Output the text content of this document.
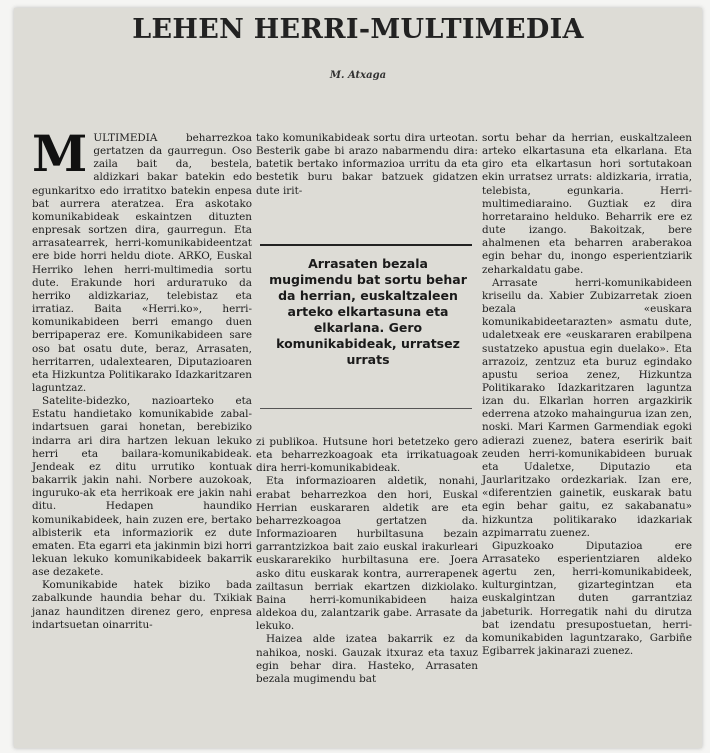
LEHEN HERRI-MULTIMEDIA
M. Atxaga

MULTIMEDIA beharrezkoa gertatzen da gaurregun. Oso zaila bait da, bestela, aldizkari bakar batekin edo egunkaritxo edo irratitxo batekin enpesa bat aurrera ateratzea. Era askotako komunikabideak eskaintzen dituzten enpresak sortzen dira, gaurregun. Eta arrasatearrek, herri-komunikabideentzat ere bide horri heldu diote. ARKO, Euskal Herriko lehen herri-multimedia sortu dute. Erakunde hori ardurатuko da herriko aldizkariaz, telebistaz eta irratiaz. Baita «Herri.ko», herri-komunikabideen berri emango duen berripaperaz ere. Komunikabideen sare oso bat osatu dute, beraz, Arrasaten, herritarren, udalextearen, Diputazioaren eta Hizkuntza Politikarako Idazkaritzaren laguntzaz.

Satelite-bidezko, nazioarteko eta Estatu handietako komunikabide zabal-indartsuen garai honetan, berebiziko indarra ari dira hartzen lekuan lekuko herri eta bailara-komunikabideak. Jendeak ez ditu urrutiko kontuak bakarrik jakin nahi. Norbere auzokoak, inguruko-ak eta herrikoak ere jakin nahi ditu. Hedapen haundiko komunikabideek, hain zuzen ere, bertako albisterik eta informaziorik ez dute ematen. Eta egarri eta jakinmin bizi horri lekuan lekuko komunikabideek bakarrik ase dezakete.

Komunikabide hatek biziko bada zabalkunde haundia behar du. Txikiak janaz haunditzen direnez gero, enpresa indartsuetan oinarritu-

tako komunikabideak sortu dira urteotan. Besterik gabe bi arazo nabarmendu dira: batetik bertako informazioa urritu da eta bestetik buru bakar batzuek gidatzen dute irit-

Arrasaten bezala mugimendu bat sortu behar da herrian, euskaltzaleen arteko elkartasuna eta elkarlana. Gero komunikabideak, urratsez urrats

zi publikoa. Hutsune hori betetzeko gero eta beharrezkoagoak eta irrikatuagoak dira herri-komunikabideak.

Eta informazioaren aldetik, nonahi, erabat beharrezkoa den hori, Euskal Herrian euskararen aldetik are eta beharrezkoagoa gertatzen da. Informazioaren hurbiltasuna bezain garrantzizkoa bait zaio euskal irakurleari euskararekiko hurbiltasuna ere. Joera asko ditu euskarak kontra, aurrerapenek zailtasun berriak ekartzen dizkiolako. Baina herri-komunikabideen haiza aldekoa du, zalantzarik gabe. Arrasate da lekuko.

Haizea alde izatea bakarrik ez da nahikoa, noski. Gauzak itxuraz eta taxuz egin behar dira. Hasteko, Arrasaten bezala mugimendu bat

sortu behar da herrian, euskaltzaleen arteko elkartasuna eta elkarlana. Eta giro eta elkartasun hori sortutakoan ekin urratsez urrats: aldizkaria, irratia, telebista, egunkaria. Herri-multimediaraino. Guztiak ez dira horretaraino helduko. Beharrik ere ez dute izango. Bakoitzak, bere ahalmenen eta beharren araberakoa egin behar du, inongo esperientziarik zeharkaldatu gabe.

Arrasate herri-komunikabideen kriseilu da. Xabier Zubizarretak zioen bezala «euskara komunikabideetarazten» asmatu dute, udaletxeak ere «euskararen erabilpena sustatzeko apustua egin duelako». Eta arrazoiz, zentzuz eta buruz egindako apustu serioa zenez, Hizkuntza Politikarako Idazkaritzaren laguntza izan du. Elkarlan horren argazkirik ederrena atzoko mahainguruа izan zen, noski. Mari Karmen Garmendiak egoki adierazi zuenez, batera eseririk bait zeuden herri-komunikabideen buruak eta Udaletxe, Diputazio eta Jaurlaritzako ordezkariak. Izan ere, «diferentzien gainetik, euskarak batu egin behar gaitu, ez sakabanatu» hizkuntza politikarako idazkariak azpimarratu zuenez.

Gipuzkoako Diputazioa ere Arrasateko esperientziaren aldeko agertu zen, herri-komunikabideek, kulturgintzan, gizartegintzan eta euskalgintzan duten garrantziaz jabeturik. Horregatik nahi du dirutza bat izendatu presupostuetan, herri-komunikabiden laguntzarako, Garbiñe Egibarrek jakinarazi zuenez.
